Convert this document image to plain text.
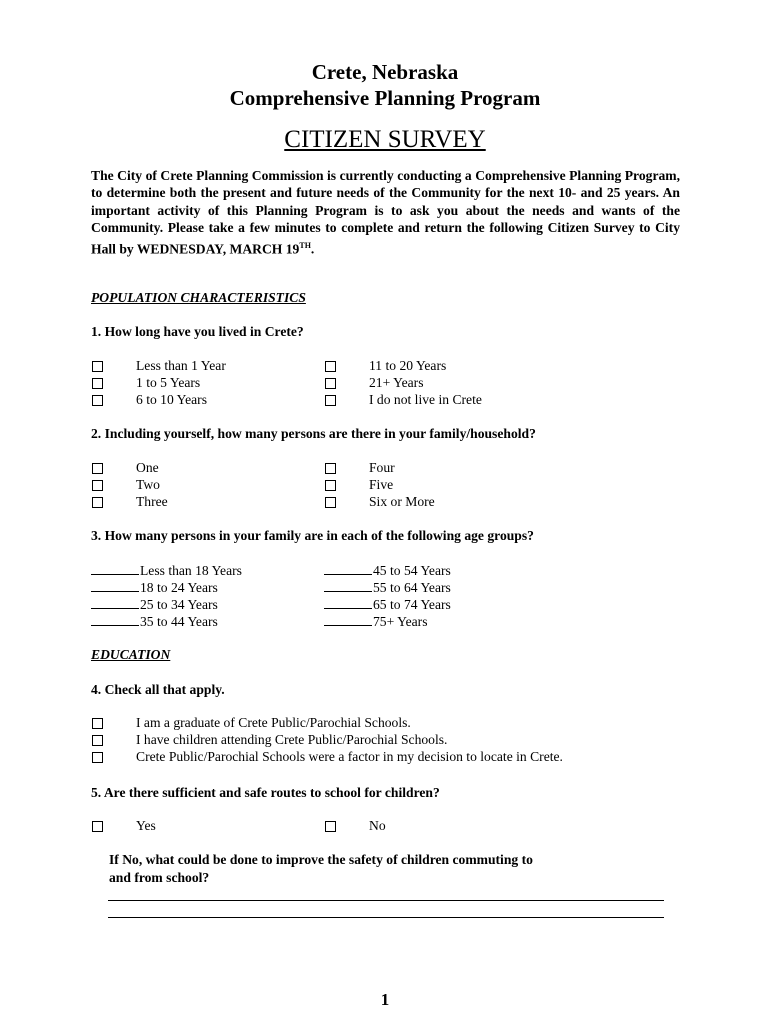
Crete, Nebraska
Comprehensive Planning Program
CITIZEN SURVEY

The City of Crete Planning Commission is currently conducting a Comprehensive Planning Program, to determine both the present and future needs of the Community for the next 10- and 25 years. An important activity of this Planning Program is to ask you about the needs and wants of the Community. Please take a few minutes to complete and return the following Citizen Survey to City Hall by WEDNESDAY, MARCH 19TH.

POPULATION CHARACTERISTICS
1. How long have you lived in Crete?
Less than 1 Year
1 to 5 Years
6 to 10 Years
11 to 20 Years
21+ Years
I do not live in Crete
2. Including yourself, how many persons are there in your family/household?
One
Two
Three
Four
Five
Six or More
3. How many persons in your family are in each of the following age groups?
Less than 18 Years
18 to 24 Years
25 to 34 Years
35 to 44 Years
45 to 54 Years
55 to 64 Years
65 to 74 Years
75+ Years
EDUCATION
4. Check all that apply.
I am a graduate of Crete Public/Parochial Schools.
I have children attending Crete Public/Parochial Schools.
Crete Public/Parochial Schools were a factor in my decision to locate in Crete.
5. Are there sufficient and safe routes to school for children?
Yes	No
If No, what could be done to improve the safety of children commuting to
and from school?
1
